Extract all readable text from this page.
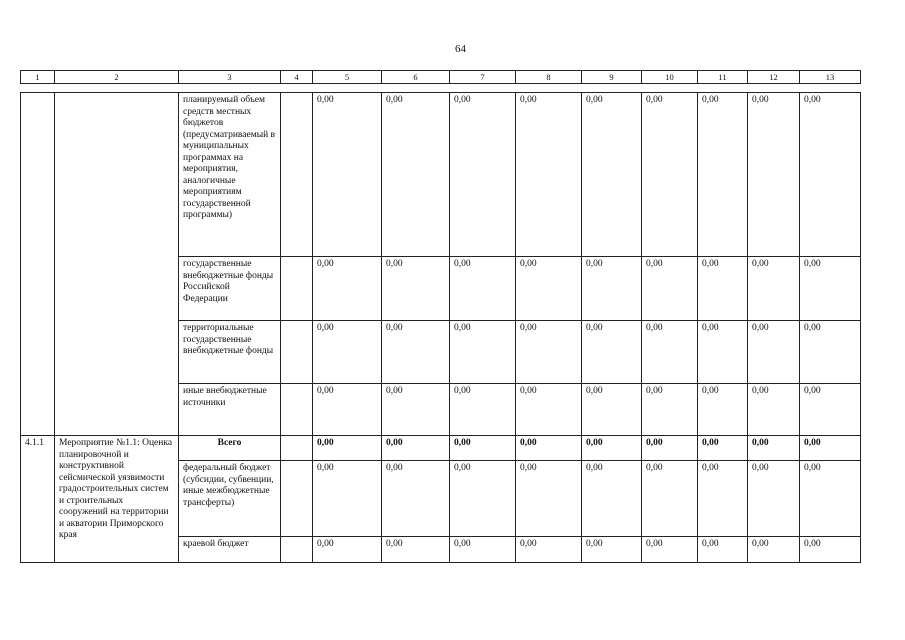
64
1	2	3	4	5	6	7	8	9	10	11	12	13
		планируемый объем средств местных бюджетов (предусматриваемый в муниципальных программах на мероприятия, аналогичные мероприятиям государственной программы)		0,00	0,00	0,00	0,00	0,00	0,00	0,00	0,00	0,00
		государственные внебюджетные фонды Российской Федерации		0,00	0,00	0,00	0,00	0,00	0,00	0,00	0,00	0,00
		территориальные государственные внебюджетные фонды		0,00	0,00	0,00	0,00	0,00	0,00	0,00	0,00	0,00
		иные внебюджетные источники		0,00	0,00	0,00	0,00	0,00	0,00	0,00	0,00	0,00
4.1.1	Мероприятие №1.1: Оценка планировочной и конструктивной сейсмической уязвимости градостроительных систем и строительных сооружений на территории и акватории Приморского края	Всего		0,00	0,00	0,00	0,00	0,00	0,00	0,00	0,00	0,00
		федеральный бюджет (субсидии, субвенции, иные межбюджетные трансферты)		0,00	0,00	0,00	0,00	0,00	0,00	0,00	0,00	0,00
		краевой бюджет		0,00	0,00	0,00	0,00	0,00	0,00	0,00	0,00	0,00
